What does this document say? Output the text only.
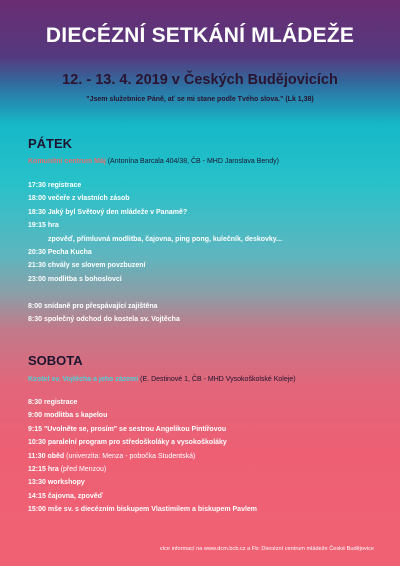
DIECÉZNÍ SETKÁNÍ MLÁDEŽE
12. - 13. 4. 2019 v Českých Budějovicích
"Jsem služebnice Páně, ať se mi stane podle Tvého slova." (Lk 1,38)
PÁTEK
Komunitní centrum Máj (Antonína Barcala 404/38, ČB - MHD Jaroslava Bendy)
17:30 registrace
18:00 večeře z vlastních zásob
18:30 Jaký byl Světový den mládeže v Panamě?
19:15 hra
zpověď, přímluvná modlitba, čajovna, ping pong, kulečník, deskovky...
20:30 Pecha Kucha
21:30 chvály se slovem povzbuzení
23:00 modlitba s bohoslovcí
8:00 snídaně pro přespávající zajištěna
8:30 společný odchod do kostela sv. Vojtěcha
SOBOTA
Kostel sv. Vojtěcha a jeho zázemí (E. Destinové 1, ČB - MHD Vysokoškolské Koleje)
8:30 registrace
9:00 modlitba s kapelou
9:15 "Uvolněte se, prosím" se sestrou Angelikou Pintířovou
10:30 paralelní program pro středoškoláky a vysokoškoláky
11:30 oběd (univerzita: Menza - pobočka Studentská)
12:15 hra (před Menzou)
13:30 workshopy
14:15 čajovna, zpověď
15:00 mše sv. s diecézním biskupem Vlastimilem a biskupem Pavlem
více informací na www.dcm.bcb.cz a Fb: Diecézní centrum mládeže České Budějovice
